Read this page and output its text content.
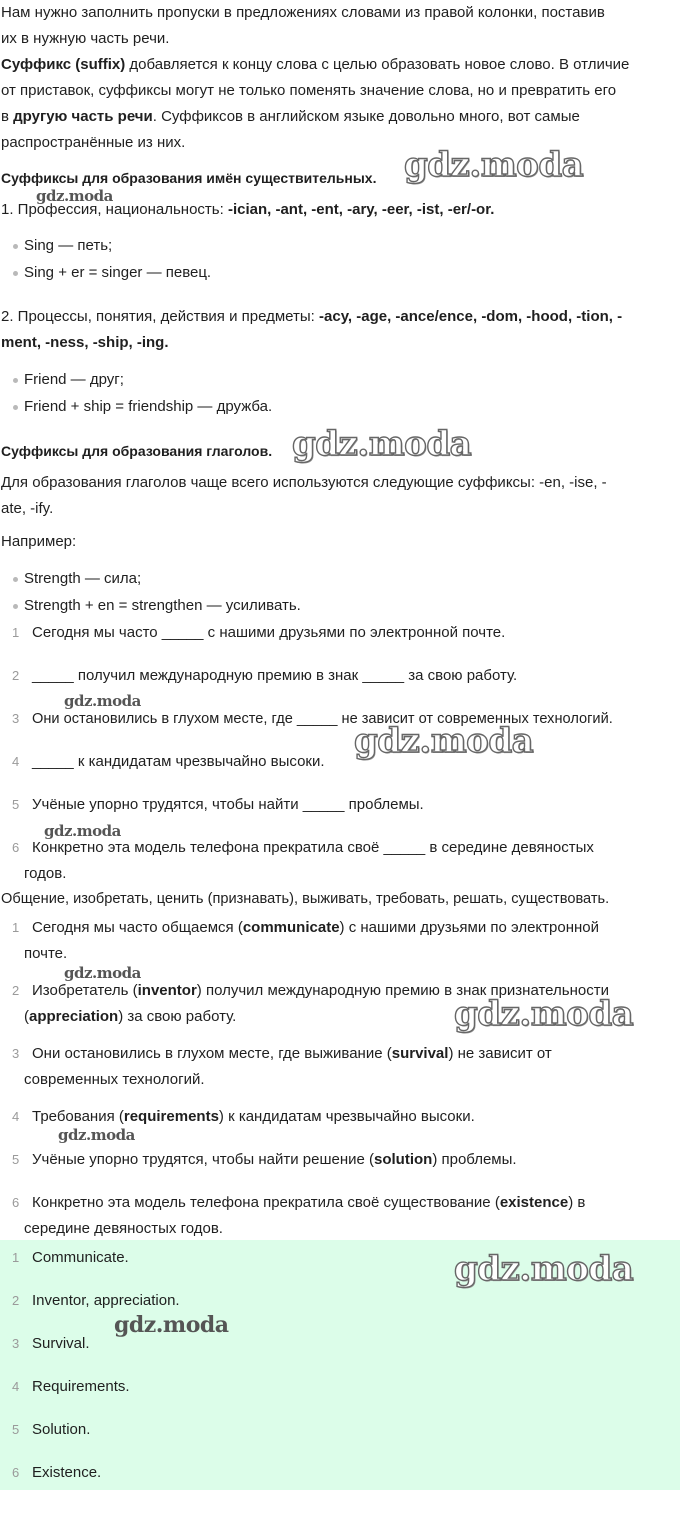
Нам нужно заполнить пропуски в предложениях словами из правой колонки, поставив

их в нужную часть речи.

Суффикс (suffix) добавляется к концу слова с целью образовать новое слово. В отличие

от приставок, суффиксы могут не только поменять значение слова, но и превратить его

в другую часть речи. Суффиксов в английском языке довольно много, вот самые

распространённые из них.

Суффиксы для образования имён существительных.

1. Профессия, национальность: -ician, -ant, -ent, -ary, -eer, -ist, -er/-or.

Sing — петь;
Sing + er = singer — певец.

2. Процессы, понятия, действия и предметы: -acy, -age, -ance/ence, -dom, -hood, -tion, -

ment, -ness, -ship, -ing.

Friend — друг;
Friend + ship = friendship — дружба.

Суффиксы для образования глаголов.

Для образования глаголов чаще всего используются следующие суффиксы: -en, -ise, -

ate, -ify.

Например:

Strength — сила;
Strength + en = strengthen — усиливать.
1 Сегодня мы часто _____ с нашими друзьями по электронной почте.
2 _____ получил международную премию в знак _____ за свою работу.
3 Они остановились в глухом месте, где _____ не зависит от современных технологий.
4 _____ к кандидатам чрезвычайно высоки.
5 Учёные упорно трудятся, чтобы найти _____ проблемы.
6 Конкретно эта модель телефона прекратила своё _____ в середине девяностых
годов.

Общение, изобретать, ценить (признавать), выживать, требовать, решать, существовать.

1 Сегодня мы часто общаемся (communicate) с нашими друзьями по электронной
почте.
2 Изобретатель (inventor) получил международную премию в знак признательности
(appreciation) за свою работу.
3 Они остановились в глухом месте, где выживание (survival) не зависит от
современных технологий.
4 Требования (requirements) к кандидатам чрезвычайно высоки.
5 Учёные упорно трудятся, чтобы найти решение (solution) проблемы.
6 Конкретно эта модель телефона прекратила своё существование (existence) в
середине девяностых годов.
1 Communicate.
2 Inventor, appreciation.
3 Survival.
4 Requirements.
5 Solution.
6 Existence.
gdz.moda
gdz.moda
gdz.moda
gdz.moda
gdz.moda
gdz.moda
gdz.moda
gdz.moda
gdz.moda
gdz.moda
gdz.moda
